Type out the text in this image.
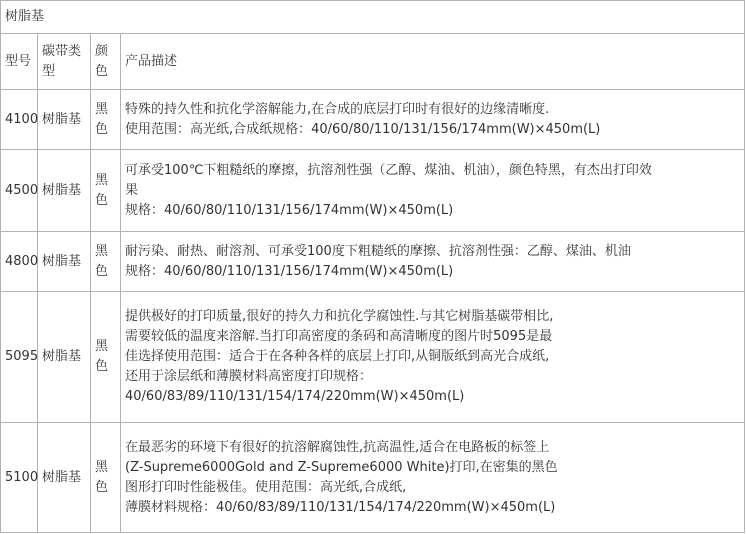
树脂基			
型号	碳带类型	颜色	产品描述
4100	树脂基	黑色	特殊的持久性和抗化学溶解能力,在合成的底层打印时有很好的边缘清晰度.
使用范围：高光纸,合成纸规格：40/60/80/110/131/156/174mm(W)×450m(L)

4500	树脂基	黑色	可承受100℃下粗糙纸的摩擦，抗溶剂性强（乙醇、煤油、机油），颜色特黑，有杰出打印效
果
规格：40/60/80/110/131/156/174mm(W)×450m(L)

4800	树脂基	黑色	耐污染、耐热、耐溶剂、可承受100度下粗糙纸的摩擦、抗溶剂性强：乙醇、煤油、机油
规格：40/60/80/110/131/156/174mm(W)×450m(L)

5095	树脂基	黑色	提供极好的打印质量,很好的持久力和抗化学腐蚀性.与其它树脂基碳带相比,
需要较低的温度来溶解.当打印高密度的条码和高清晰度的图片时5095是最
佳选择使用范围：适合于在各种各样的底层上打印,从铜版纸到高光合成纸,
还用于涂层纸和薄膜材料高密度打印规格：
40/60/83/89/110/131/154/174/220mm(W)×450m(L)

5100	树脂基	黑色	在最恶劣的环境下有很好的抗溶解腐蚀性,抗高温性,适合在电路板的标签上
(Z-Supreme6000Gold and Z-Supreme6000 White)打印,在密集的黑色
图形打印时性能极佳。使用范围：高光纸,合成纸,
薄膜材料规格：40/60/83/89/110/131/154/174/220mm(W)×450m(L)
